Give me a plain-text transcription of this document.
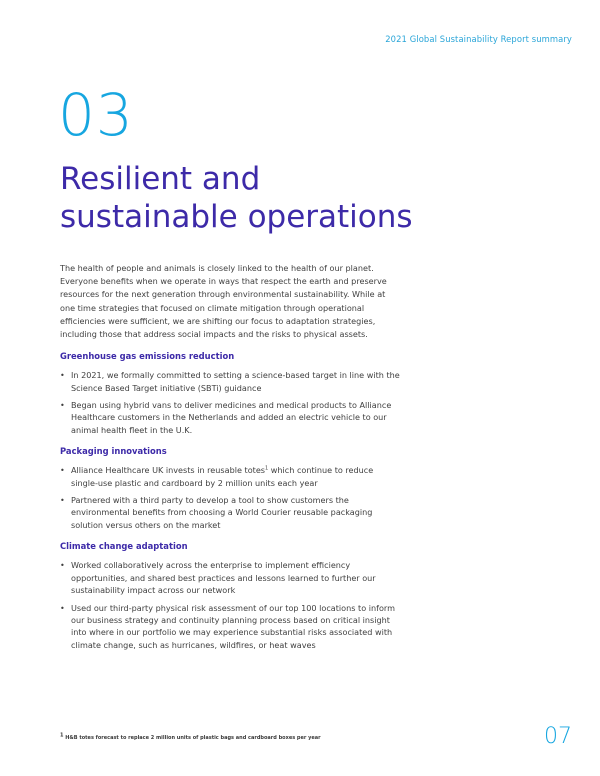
2021 Global Sustainability Report summary
03
Resilient and
sustainable operations

The health of people and animals is closely linked to the health of our planet. Everyone benefits when we operate in ways that respect the earth and preserve resources for the next generation through environmental sustainability. While at one time strategies that focused on climate mitigation through operational efficiencies were sufficient, we are shifting our focus to adaptation strategies, including those that address social impacts and the risks to physical assets.

Greenhouse gas emissions reduction
• In 2021, we formally committed to setting a science-based target in line with the Science Based Target initiative (SBTi) guidance
• Began using hybrid vans to deliver medicines and medical products to Alliance Healthcare customers in the Netherlands and added an electric vehicle to our animal health fleet in the U.K.
Packaging innovations
• Alliance Healthcare UK invests in reusable totes$^1$ which continue to reduce single-use plastic and cardboard by 2 million units each year
• Partnered with a third party to develop a tool to show customers the environmental benefits from choosing a World Courier reusable packaging solution versus others on the market
Climate change adaptation
• Worked collaboratively across the enterprise to implement efficiency opportunities, and shared best practices and lessons learned to further our sustainability impact across our network
• Used our third-party physical risk assessment of our top 100 locations to inform our business strategy and continuity planning process based on critical insight into where in our portfolio we may experience substantial risks associated with climate change, such as hurricanes, wildfires, or heat waves
$^1$ H&B totes forecast to replace 2 million units of plastic bags and cardboard boxes per year	07
